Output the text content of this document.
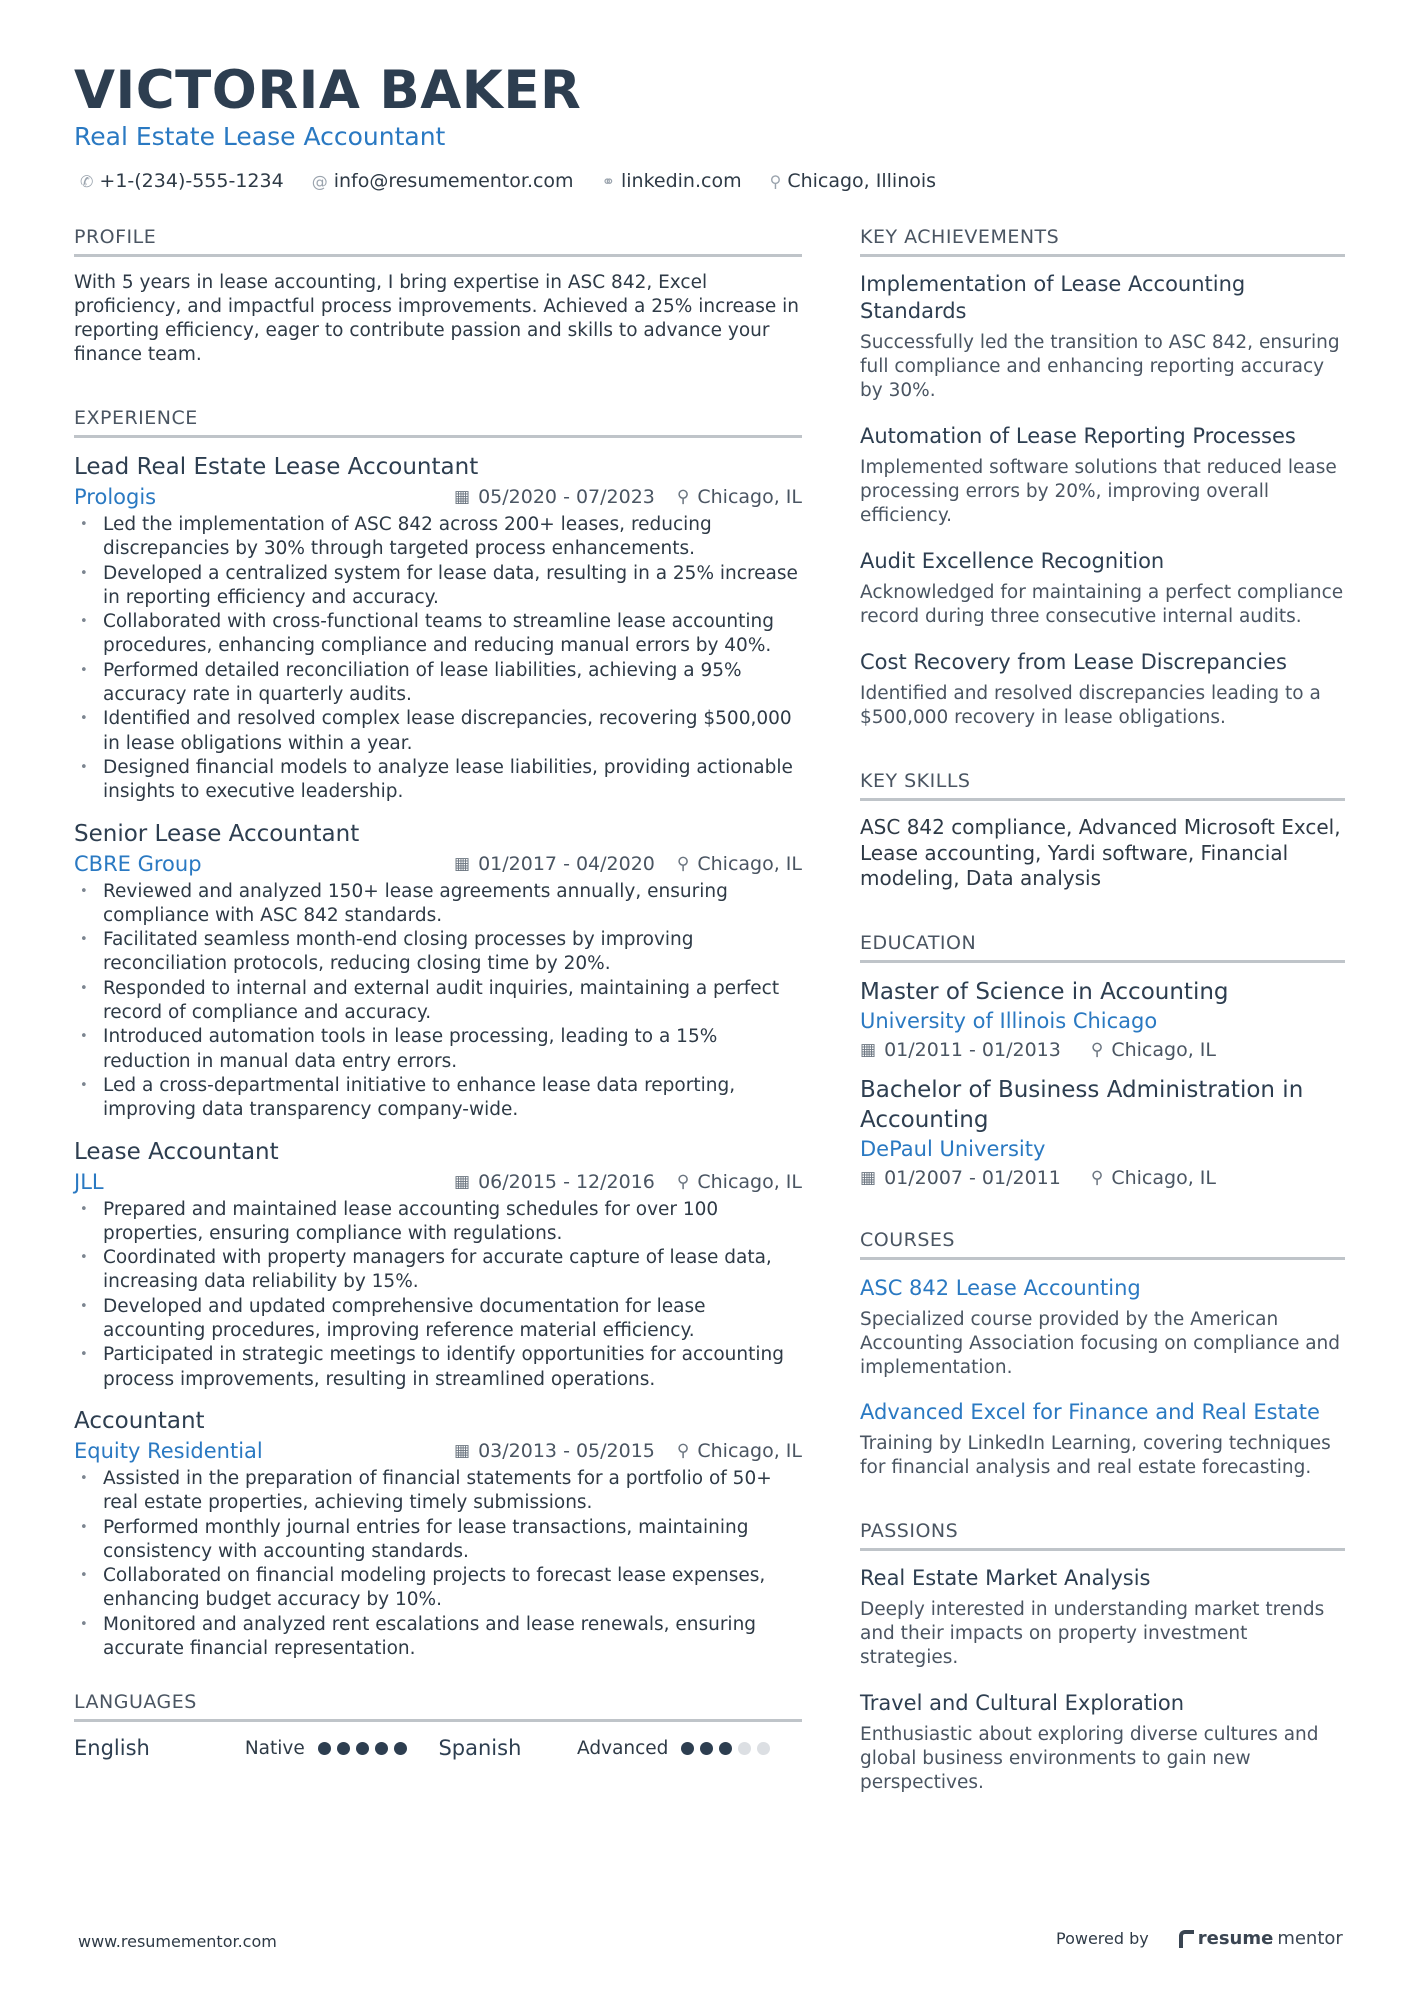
VICTORIA BAKER
Real Estate Lease Accountant
✆ +1-(234)-555-1234 @ info@resumementor.com ⚭ linkedin.com ⚲ Chicago, Illinois
PROFILE
With 5 years in lease accounting, I bring expertise in ASC 842, Excel proficiency, and impactful process improvements. Achieved a 25% increase in reporting efficiency, eager to contribute passion and skills to advance your finance team.
EXPERIENCE
Lead Real Estate Lease Accountant
Prologis	▦ 05/2020 - 07/2023 ⚲ Chicago, IL
• Led the implementation of ASC 842 across 200+ leases, reducing discrepancies by 30% through targeted process enhancements.
• Developed a centralized system for lease data, resulting in a 25% increase in reporting efficiency and accuracy.
• Collaborated with cross-functional teams to streamline lease accounting procedures, enhancing compliance and reducing manual errors by 40%.
• Performed detailed reconciliation of lease liabilities, achieving a 95% accuracy rate in quarterly audits.
• Identified and resolved complex lease discrepancies, recovering $500,000 in lease obligations within a year.
• Designed financial models to analyze lease liabilities, providing actionable insights to executive leadership.
Senior Lease Accountant
CBRE Group	▦ 01/2017 - 04/2020 ⚲ Chicago, IL
• Reviewed and analyzed 150+ lease agreements annually, ensuring compliance with ASC 842 standards.
• Facilitated seamless month-end closing processes by improving reconciliation protocols, reducing closing time by 20%.
• Responded to internal and external audit inquiries, maintaining a perfect record of compliance and accuracy.
• Introduced automation tools in lease processing, leading to a 15% reduction in manual data entry errors.
• Led a cross-departmental initiative to enhance lease data reporting, improving data transparency company-wide.
Lease Accountant
JLL	▦ 06/2015 - 12/2016 ⚲ Chicago, IL
• Prepared and maintained lease accounting schedules for over 100 properties, ensuring compliance with regulations.
• Coordinated with property managers for accurate capture of lease data, increasing data reliability by 15%.
• Developed and updated comprehensive documentation for lease accounting procedures, improving reference material efficiency.
• Participated in strategic meetings to identify opportunities for accounting process improvements, resulting in streamlined operations.
Accountant
Equity Residential	▦ 03/2013 - 05/2015 ⚲ Chicago, IL
• Assisted in the preparation of financial statements for a portfolio of 50+ real estate properties, achieving timely submissions.
• Performed monthly journal entries for lease transactions, maintaining consistency with accounting standards.
• Collaborated on financial modeling projects to forecast lease expenses, enhancing budget accuracy by 10%.
• Monitored and analyzed rent escalations and lease renewals, ensuring accurate financial representation.
LANGUAGES
English	Native	Spanish	Advanced
KEY ACHIEVEMENTS
Implementation of Lease Accounting Standards
Successfully led the transition to ASC 842, ensuring full compliance and enhancing reporting accuracy by 30%.
Automation of Lease Reporting Processes
Implemented software solutions that reduced lease processing errors by 20%, improving overall efficiency.
Audit Excellence Recognition
Acknowledged for maintaining a perfect compliance record during three consecutive internal audits.
Cost Recovery from Lease Discrepancies
Identified and resolved discrepancies leading to a $500,000 recovery in lease obligations.
KEY SKILLS
ASC 842 compliance, Advanced Microsoft Excel, Lease accounting, Yardi software, Financial modeling, Data analysis
EDUCATION
Master of Science in Accounting
University of Illinois Chicago
▦ 01/2011 - 01/2013 ⚲ Chicago, IL
Bachelor of Business Administration in Accounting
DePaul University
▦ 01/2007 - 01/2011 ⚲ Chicago, IL
COURSES
ASC 842 Lease Accounting
Specialized course provided by the American Accounting Association focusing on compliance and implementation.
Advanced Excel for Finance and Real Estate
Training by LinkedIn Learning, covering techniques for financial analysis and real estate forecasting.
PASSIONS
Real Estate Market Analysis
Deeply interested in understanding market trends and their impacts on property investment strategies.
Travel and Cultural Exploration
Enthusiastic about exploring diverse cultures and global business environments to gain new perspectives.
www.resumementor.com	Powered by	resume mentor
